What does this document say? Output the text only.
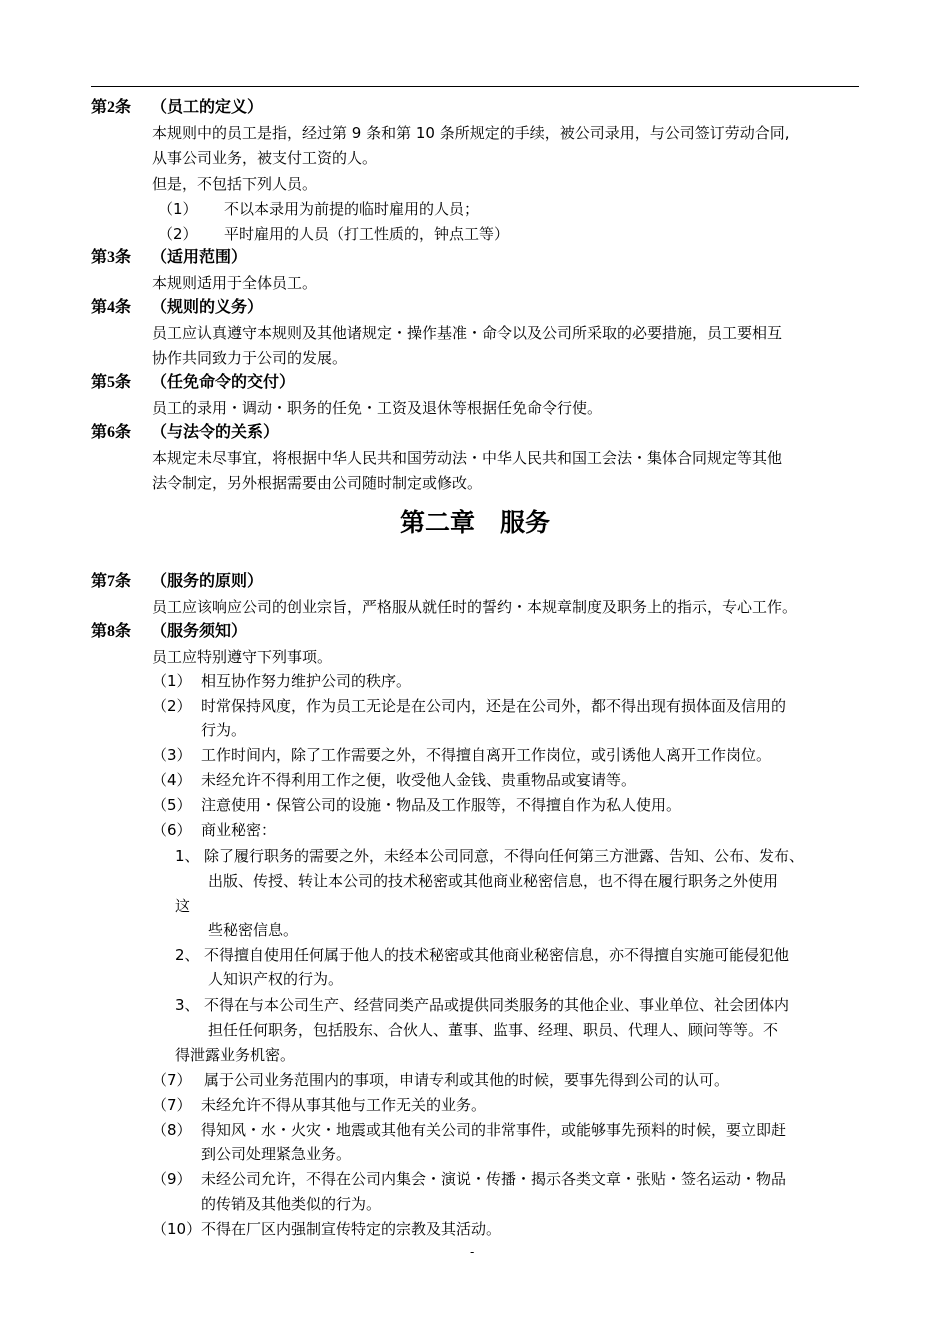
第2条 （员工的定义）
本规则中的员工是指，经过第 9 条和第 10 条所规定的手续，被公司录用，与公司签订劳动合同,
从事公司业务，被支付工资的人。
但是，不包括下列人员。
（1） 不以本录用为前提的临时雇用的人员；
（2） 平时雇用的人员（打工性质的，钟点工等）
第3条 （适用范围）
本规则适用于全体员工。
第4条 （规则的义务）
员工应认真遵守本规则及其他诸规定・操作基准・命令以及公司所采取的必要措施，员工要相互
协作共同致力于公司的发展。
第5条 （任免命令的交付）
员工的录用・调动・职务的任免・工资及退休等根据任免命令行使。
第6条 （与法令的关系）
本规定未尽事宜，将根据中华人民共和国劳动法・中华人民共和国工会法・集体合同规定等其他
法令制定，另外根据需要由公司随时制定或修改。
第二章　服务
第7条 （服务的原则）
员工应该响应公司的创业宗旨，严格服从就任时的誓约・本规章制度及职务上的指示，专心工作。
第8条 （服务须知）
员工应特别遵守下列事项。
（1） 相互协作努力维护公司的秩序。
（2） 时常保持风度，作为员工无论是在公司内，还是在公司外，都不得出现有损体面及信用的
行为。
（3） 工作时间内，除了工作需要之外，不得擅自离开工作岗位，或引诱他人离开工作岗位。
（4） 未经允许不得利用工作之便，收受他人金钱、贵重物品或宴请等。
（5） 注意使用・保管公司的设施・物品及工作服等，不得擅自作为私人使用。
（6） 商业秘密：
1、 除了履行职务的需要之外，未经本公司同意，不得向任何第三方泄露、告知、公布、发布、
出版、传授、转让本公司的技术秘密或其他商业秘密信息，也不得在履行职务之外使用
这
些秘密信息。
2、 不得擅自使用任何属于他人的技术秘密或其他商业秘密信息，亦不得擅自实施可能侵犯他
人知识产权的行为。
3、 不得在与本公司生产、经营同类产品或提供同类服务的其他企业、事业单位、社会团体内
担任任何职务，包括股东、合伙人、董事、监事、经理、职员、代理人、顾问等等。不
得泄露业务机密。
（7） 属于公司业务范围内的事项，申请专利或其他的时候，要事先得到公司的认可。
（7） 未经允许不得从事其他与工作无关的业务。
（8） 得知风・水・火灾・地震或其他有关公司的非常事件，或能够事先预料的时候，要立即赶
到公司处理紧急业务。
（9） 未经公司允许，不得在公司内集会・演说・传播・揭示各类文章・张贴・签名运动・物品
的传销及其他类似的行为。
（10）不得在厂区内强制宣传特定的宗教及其活动。
-
